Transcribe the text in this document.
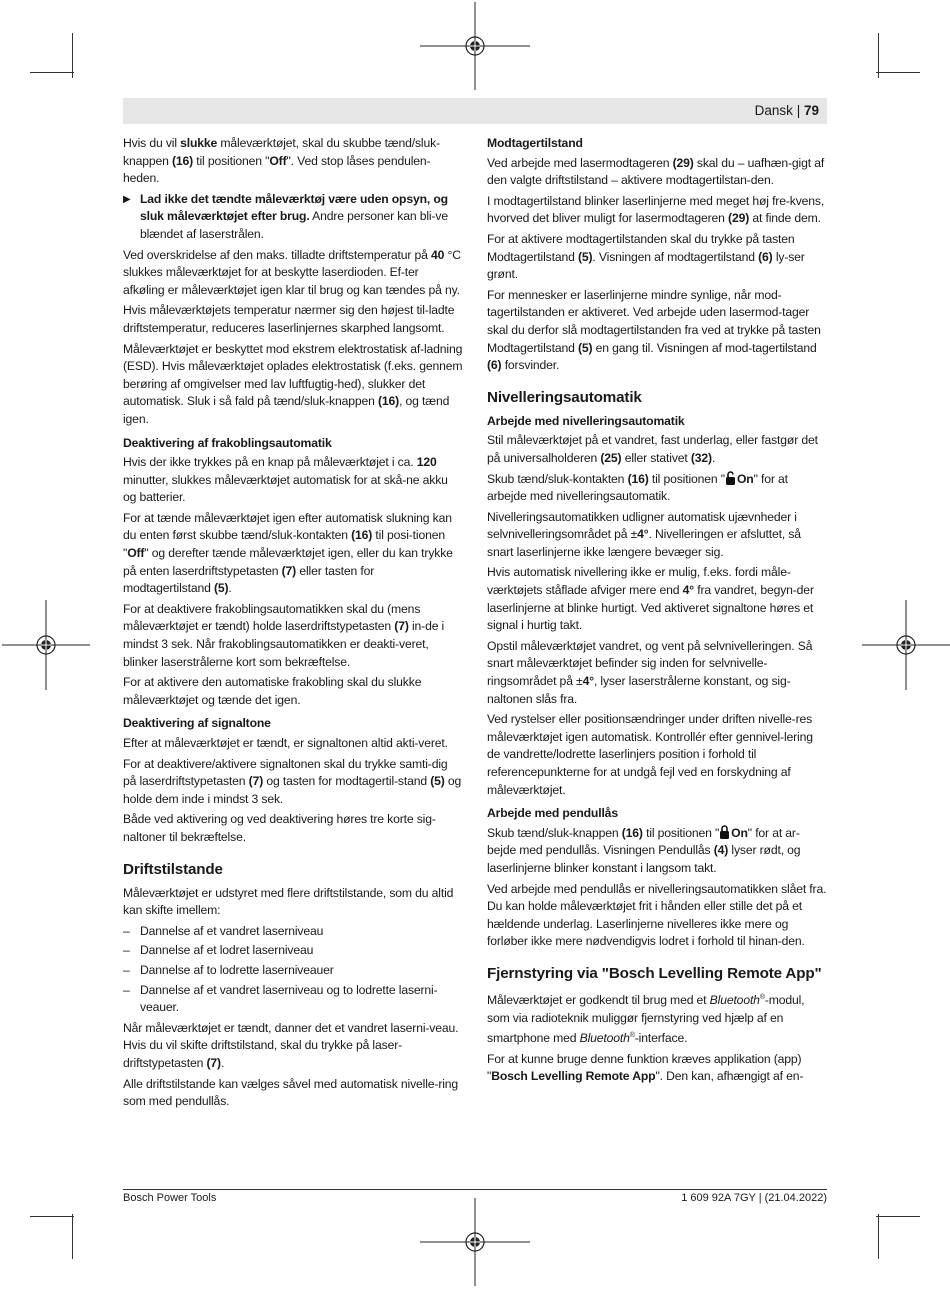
Dansk | 79

Hvis du vil slukke måleværktøjet, skal du skubbe tænd/sluk-knappen (16) til positionen "Off". Ved stop låses pendulen-heden.

▶ Lad ikke det tændte måleværktøj være uden opsyn, og sluk måleværktøjet efter brug. Andre personer kan bli-ve blændet af laserstrålen.

Ved overskridelse af den maks. tilladte driftstemperatur på 40 °C slukkes måleværktøjet for at beskytte laserdioden. Ef-ter afkøling er måleværktøjet igen klar til brug og kan tændes på ny.

Hvis måleværktøjets temperatur nærmer sig den højest til-ladte driftstemperatur, reduceres laserlinjernes skarphed langsomt.

Måleværktøjet er beskyttet mod ekstrem elektrostatisk af-ladning (ESD). Hvis måleværktøjet oplades elektrostatisk (f.eks. gennem berøring af omgivelser med lav luftfugtig-hed), slukker det automatisk. Sluk i så fald på tænd/sluk-knappen (16), og tænd igen.

Deaktivering af frakoblingsautomatik

Hvis der ikke trykkes på en knap på måleværktøjet i ca. 120 minutter, slukkes måleværktøjet automatisk for at skå-ne akku og batterier.

For at tænde måleværktøjet igen efter automatisk slukning kan du enten først skubbe tænd/sluk-kontakten (16) til posi-tionen "Off" og derefter tænde måleværktøjet igen, eller du kan trykke på enten laserdriftstypetasten (7) eller tasten for modtagertilstand (5).

For at deaktivere frakoblingsautomatikken skal du (mens måleværktøjet er tændt) holde laserdriftstypetasten (7) in-de i mindst 3 sek. Når frakoblingsautomatikken er deakti-veret, blinker laserstrålerne kort som bekræftelse.

For at aktivere den automatiske frakobling skal du slukke måleværktøjet og tænde det igen.

Deaktivering af signaltone

Efter at måleværktøjet er tændt, er signaltonen altid akti-veret.

For at deaktivere/aktivere signaltonen skal du trykke samti-dig på laserdriftstypetasten (7) og tasten for modtagertil-stand (5) og holde dem inde i mindst 3 sek.

Både ved aktivering og ved deaktivering høres tre korte sig-naltoner til bekræftelse.

Driftstilstande

Måleværktøjet er udstyret med flere driftstilstande, som du altid kan skifte imellem:

– Dannelse af et vandret laserniveau
– Dannelse af et lodret laserniveau
– Dannelse af to lodrette laserniveauer
– Dannelse af et vandret laserniveau og to lodrette laserni-veauer.

Når måleværktøjet er tændt, danner det et vandret laserni-veau. Hvis du vil skifte driftstilstand, skal du trykke på laser-driftstypetasten (7).

Alle driftstilstande kan vælges såvel med automatisk nivelle-ring som med pendullås.

Modtagertilstand

Ved arbejde med lasermodtageren (29) skal du – uafhæn-gigt af den valgte driftstilstand – aktivere modtagertilstan-den.

I modtagertilstand blinker laserlinjerne med meget høj fre-kvens, hvorved det bliver muligt for lasermodtageren (29) at finde dem.

For at aktivere modtagertilstanden skal du trykke på tasten Modtagertilstand (5). Visningen af modtagertilstand (6) ly-ser grønt.

For mennesker er laserlinjerne mindre synlige, når mod-tagertilstanden er aktiveret. Ved arbejde uden lasermod-tager skal du derfor slå modtagertilstanden fra ved at trykke på tasten Modtagertilstand (5) en gang til. Visningen af mod-tagertilstand (6) forsvinder.

Nivelleringsautomatik
Arbejde med nivelleringsautomatik

Stil måleværktøjet på et vandret, fast underlag, eller fastgør det på universalholderen (25) eller stativet (32).

Skub tænd/sluk-kontakten (16) til positionen " On" for at arbejde med nivelleringsautomatik.

Nivelleringsautomatikken udligner automatisk ujævnheder i selvnivelleringsområdet på ±4°. Nivelleringen er afsluttet, så snart laserlinjerne ikke længere bevæger sig.

Hvis automatisk nivellering ikke er mulig, f.eks. fordi måle-værktøjets ståflade afviger mere end 4° fra vandret, begyn-der laserlinjerne at blinke hurtigt. Ved aktiveret signaltone høres et signal i hurtig takt.

Opstil måleværktøjet vandret, og vent på selvnivelleringen. Så snart måleværktøjet befinder sig inden for selvnivelle-ringsområdet på ±4°, lyser laserstrålerne konstant, og sig-naltonen slås fra.

Ved rystelser eller positionsændringer under driften nivelle-res måleværktøjet igen automatisk. Kontrollér efter gennivel-lering de vandrette/lodrette laserlinjers position i forhold til referencepunkterne for at undgå fejl ved en forskydning af måleværktøjet.

Arbejde med pendullås

Skub tænd/sluk-knappen (16) til positionen " On" for at ar-bejde med pendullås. Visningen Pendullås (4) lyser rødt, og laserlinjerne blinker konstant i langsom takt.

Ved arbejde med pendullås er nivelleringsautomatikken slået fra. Du kan holde måleværktøjet frit i hånden eller stille det på et hældende underlag. Laserlinjerne nivelleres ikke mere og forløber ikke mere nødvendigvis lodret i forhold til hinan-den.

Fjernstyring via "Bosch Levelling Remote App"

Måleværktøjet er godkendt til brug med et Bluetooth®-modul, som via radioteknik muliggør fjernstyring ved hjælp af en smartphone med Bluetooth®-interface.

For at kunne bruge denne funktion kræves applikation (app) "Bosch Levelling Remote App". Den kan, afhængigt af en-

Bosch Power Tools	1 609 92A 7GY | (21.04.2022)
